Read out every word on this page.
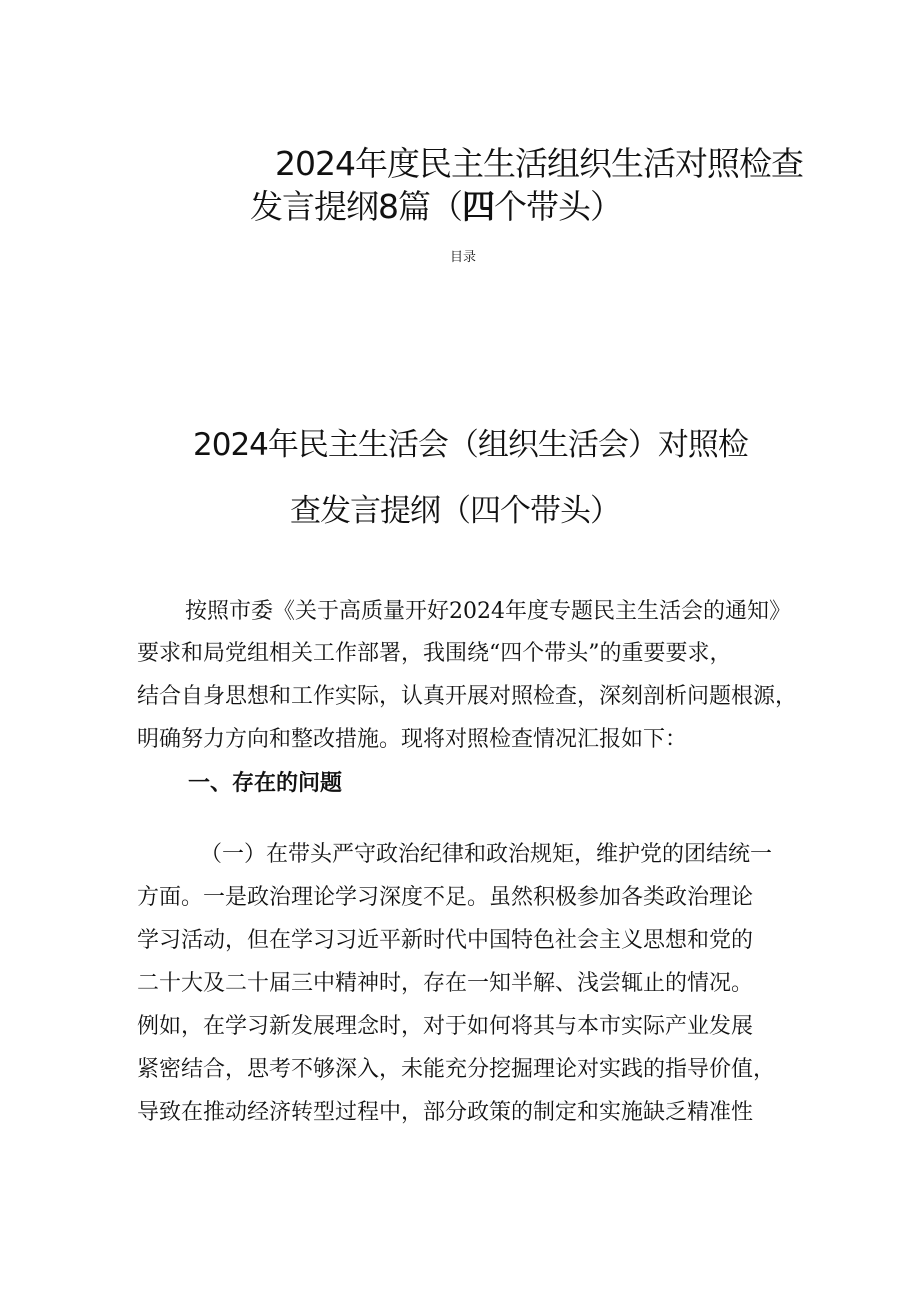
2024年度民主生活组织生活对照检查
发言提纲8篇（四个带头）
目录
2024年民主生活会（组织生活会）对照检
查发言提纲（四个带头）
按照市委《关于高质量开好2024年度专题民主生活会的通知》
要求和局党组相关工作部署，我围绕“四个带头”的重要要求，
结合自身思想和工作实际，认真开展对照检查，深刻剖析问题根源，
明确努力方向和整改措施。现将对照检查情况汇报如下：
一、存在的问题
（一）在带头严守政治纪律和政治规矩，维护党的团结统一
方面。一是政治理论学习深度不足。虽然积极参加各类政治理论
学习活动，但在学习习近平新时代中国特色社会主义思想和党的
二十大及二十届三中精神时，存在一知半解、浅尝辄止的情况。
例如，在学习新发展理念时，对于如何将其与本市实际产业发展
紧密结合，思考不够深入，未能充分挖掘理论对实践的指导价值，
导致在推动经济转型过程中，部分政策的制定和实施缺乏精准性
